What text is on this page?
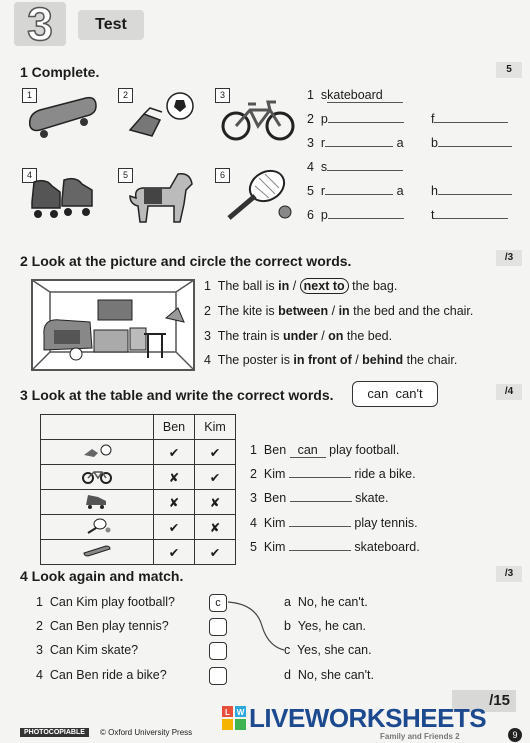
3	Test
1 Complete.	5
1	2	3
4	5	6
1 skateboard
2 p	f
3 r	a b
4 s
5 r	a h
6 p	t
2 Look at the picture and circle the correct words.	/3
1 The ball is in / next to the bag.
2 The kite is between / in the bed and the chair.
3 The train is under / on the bed.
4 The poster is in front of / behind the chair.
3 Look at the table and write the correct words.	can  can't	/4
	Ben	Kim
	✔	✔
	✘	✔
	✘	✘
	✔	✘
	✔	✔
1 Ben can play football.
2 Kim	ride a bike.
3 Ben	skate.
4 Kim	play tennis.
5 Kim	skateboard.
4 Look again and match.	/3
1 Can Kim play football?
2 Can Ben play tennis?
3 Can Kim skate?
4 Can Ben ride a bike?
c	a No, he can't.
b Yes, he can.
c Yes, she can.
d No, she can't.
/15
PHOTOCOPIABLE	© Oxford University Press	Family and Friends 2	9
L W LIVEWORKSHEETS
